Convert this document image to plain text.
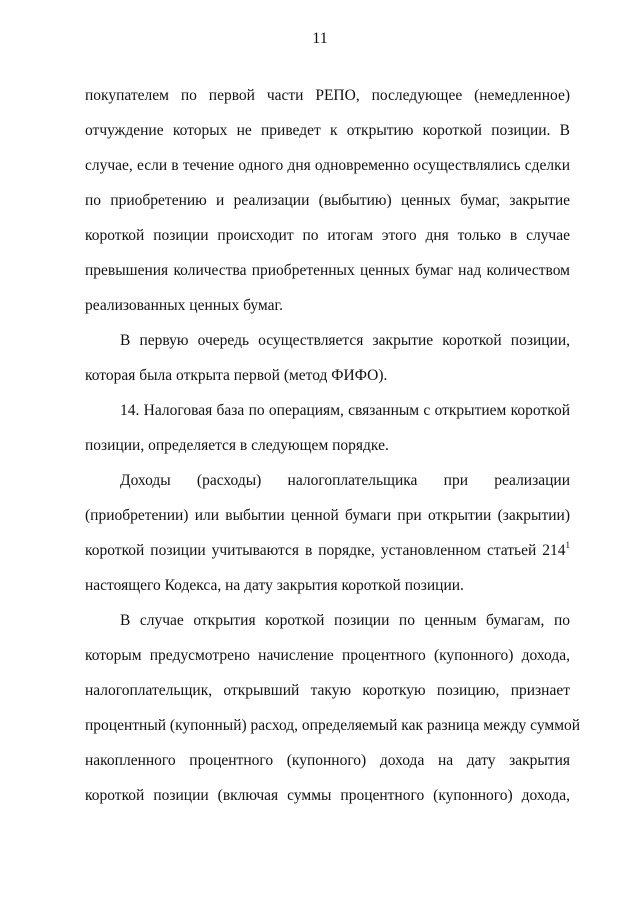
11
покупателем по первой части РЕПО, последующее (немедленное)
отчуждение которых не приведет к открытию короткой позиции. В
случае, если в течение одного дня одновременно осуществлялись сделки
по приобретению и реализации (выбытию) ценных бумаг, закрытие
короткой позиции происходит по итогам этого дня только в случае
превышения количества приобретенных ценных бумаг над количеством
реализованных ценных бумаг.
В первую очередь осуществляется закрытие короткой позиции,
которая была открыта первой (метод ФИФО).
14. Налоговая база по операциям, связанным с открытием короткой
позиции, определяется в следующем порядке.
Доходы (расходы) налогоплательщика при реализации
(приобретении) или выбытии ценной бумаги при открытии (закрытии)
короткой позиции учитываются в порядке, установленном статьей $214^1$
настоящего Кодекса, на дату закрытия короткой позиции.
В случае открытия короткой позиции по ценным бумагам, по
которым предусмотрено начисление процентного (купонного) дохода,
налогоплательщик, открывший такую короткую позицию, признает
процентный (купонный) расход, определяемый как разница между суммой
накопленного процентного (купонного) дохода на дату закрытия
короткой позиции (включая суммы процентного (купонного) дохода,
